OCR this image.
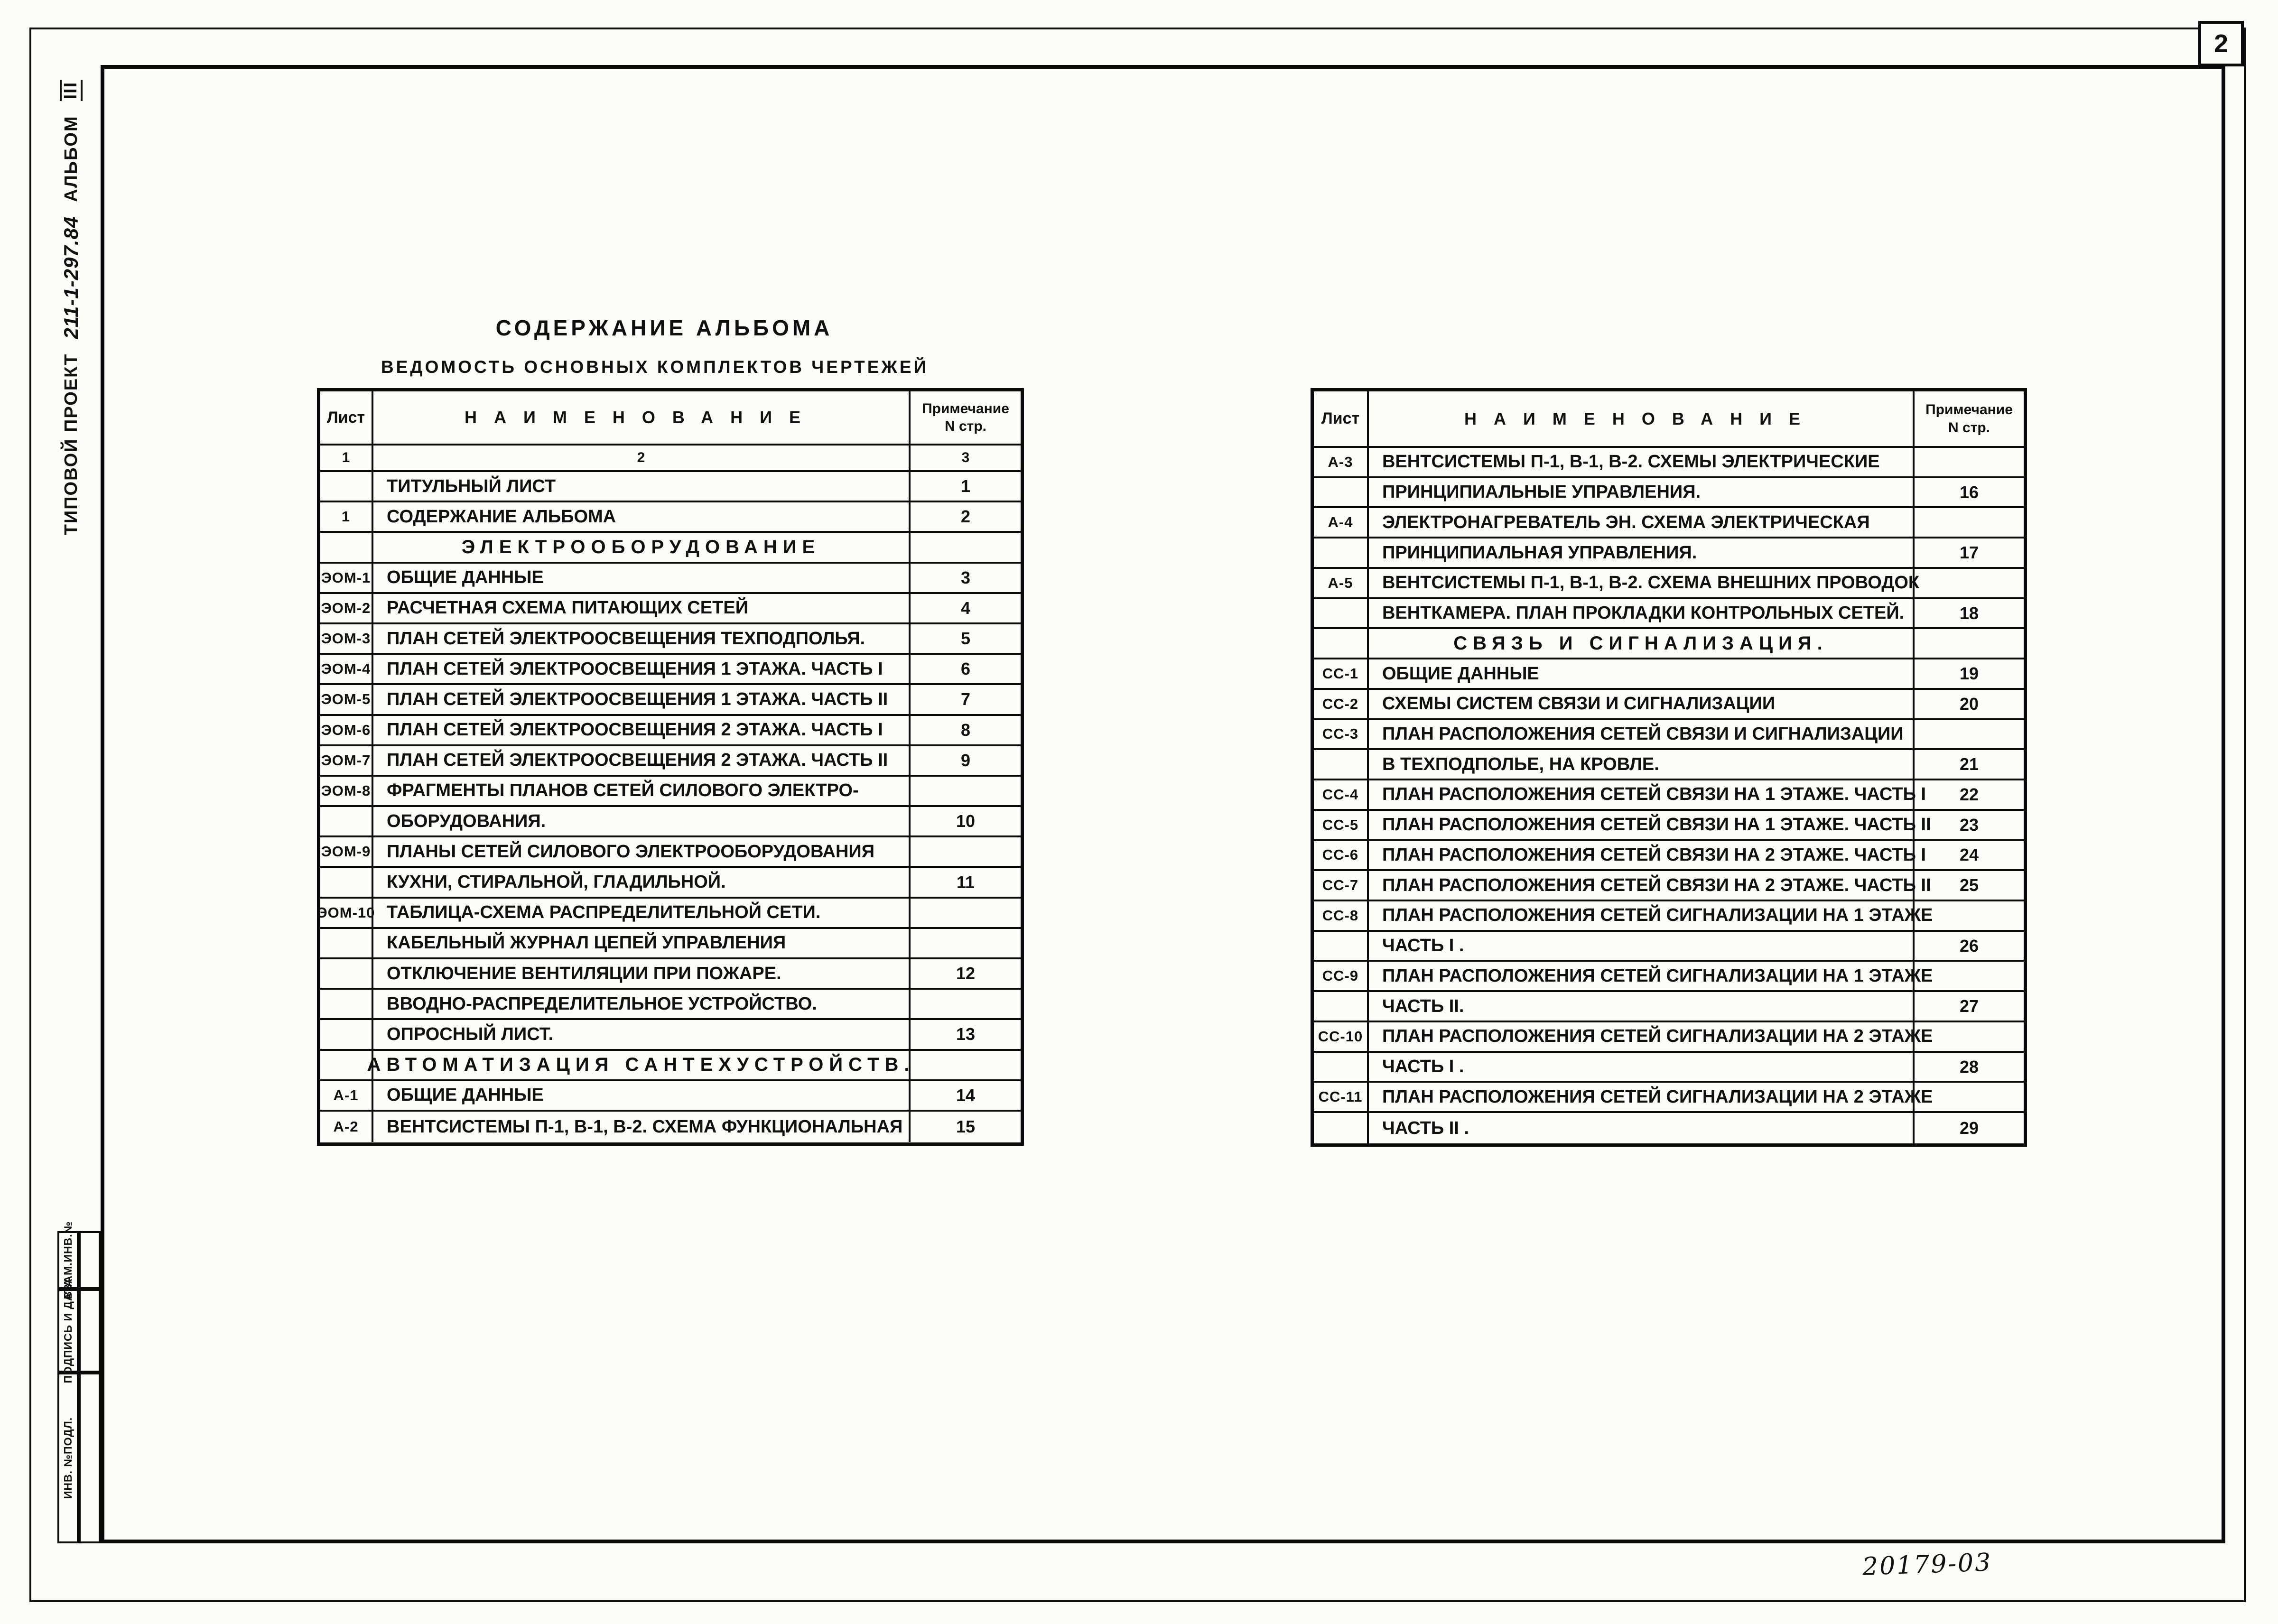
2
ТИПОВОЙ ПРОЕКТ
211-1-297.84
АЛЬБОМ
III
ВЗАМ.ИНВ.№
ПОДПИСЬ И ДАТА
ИНВ. №ПОДЛ.
СОДЕРЖАНИЕ АЛЬБОМА
ВЕДОМОСТЬ ОСНОВНЫХ КОМПЛЕКТОВ ЧЕРТЕЖЕЙ
Лист	НАИМЕНОВАНИЕ	Примечание
N стр.
1	2	3
ТИТУЛЬНЫЙ ЛИСТ	1
1	СОДЕРЖАНИЕ АЛЬБОМА	2
ЭЛЕКТРООБОРУДОВАНИЕ
ЭОМ-1 ОБЩИЕ ДАННЫЕ	3
ЭОМ-2 РАСЧЕТНАЯ СХЕМА ПИТАЮЩИХ СЕТЕЙ	4
ЭОМ-3 ПЛАН СЕТЕЙ ЭЛЕКТРООСВЕЩЕНИЯ ТЕХПОДПОЛЬЯ.	5
ЭОМ-4 ПЛАН СЕТЕЙ ЭЛЕКТРООСВЕЩЕНИЯ 1 ЭТАЖА. ЧАСТЬ I	6
ЭОМ-5 ПЛАН СЕТЕЙ ЭЛЕКТРООСВЕЩЕНИЯ 1 ЭТАЖА. ЧАСТЬ II	7
ЭОМ-6 ПЛАН СЕТЕЙ ЭЛЕКТРООСВЕЩЕНИЯ 2 ЭТАЖА. ЧАСТЬ I	8
ЭОМ-7 ПЛАН СЕТЕЙ ЭЛЕКТРООСВЕЩЕНИЯ 2 ЭТАЖА. ЧАСТЬ II	9
ЭОМ-8 ФРАГМЕНТЫ ПЛАНОВ СЕТЕЙ СИЛОВОГО ЭЛЕКТРО-
ОБОРУДОВАНИЯ.	10
ЭОМ-9 ПЛАНЫ СЕТЕЙ СИЛОВОГО ЭЛЕКТРООБОРУДОВАНИЯ
КУХНИ, СТИРАЛЬНОЙ, ГЛАДИЛЬНОЙ.	11
ЭОМ-10 ТАБЛИЦА-СХЕМА РАСПРЕДЕЛИТЕЛЬНОЙ СЕТИ.
КАБЕЛЬНЫЙ ЖУРНАЛ ЦЕПЕЙ УПРАВЛЕНИЯ
ОТКЛЮЧЕНИЕ ВЕНТИЛЯЦИИ ПРИ ПОЖАРЕ.	12
ВВОДНО-РАСПРЕДЕЛИТЕЛЬНОЕ УСТРОЙСТВО.
ОПРОСНЫЙ ЛИСТ.	13
АВТОМАТИЗАЦИЯ САНТЕХУСТРОЙСТВ.
А-1	ОБЩИЕ ДАННЫЕ	14
А-2	ВЕНТСИСТЕМЫ П-1, В-1, В-2. СХЕМА ФУНКЦИОНАЛЬНАЯ	15
Лист	НАИМЕНОВАНИЕ	Примечание
N стр.
А-3	ВЕНТСИСТЕМЫ П-1, В-1, В-2. СХЕМЫ ЭЛЕКТРИЧЕСКИЕ
ПРИНЦИПИАЛЬНЫЕ УПРАВЛЕНИЯ.	16
А-4	ЭЛЕКТРОНАГРЕВАТЕЛЬ ЭН. СХЕМА ЭЛЕКТРИЧЕСКАЯ
ПРИНЦИПИАЛЬНАЯ УПРАВЛЕНИЯ.	17
А-5	ВЕНТСИСТЕМЫ П-1, В-1, В-2. СХЕМА ВНЕШНИХ ПРОВОДОК
ВЕНТКАМЕРА. ПЛАН ПРОКЛАДКИ КОНТРОЛЬНЫХ СЕТЕЙ.	18
СВЯЗЬ И СИГНАЛИЗАЦИЯ.
СС-1	ОБЩИЕ ДАННЫЕ	19
СС-2	СХЕМЫ СИСТЕМ СВЯЗИ И СИГНАЛИЗАЦИИ	20
СС-3	ПЛАН РАСПОЛОЖЕНИЯ СЕТЕЙ СВЯЗИ И СИГНАЛИЗАЦИИ
В ТЕХПОДПОЛЬЕ, НА КРОВЛЕ.	21
СС-4	ПЛАН РАСПОЛОЖЕНИЯ СЕТЕЙ СВЯЗИ НА 1 ЭТАЖЕ. ЧАСТЬ I	22
СС-5	ПЛАН РАСПОЛОЖЕНИЯ СЕТЕЙ СВЯЗИ НА 1 ЭТАЖЕ. ЧАСТЬ II	23
СС-6	ПЛАН РАСПОЛОЖЕНИЯ СЕТЕЙ СВЯЗИ НА 2 ЭТАЖЕ. ЧАСТЬ I	24
СС-7	ПЛАН РАСПОЛОЖЕНИЯ СЕТЕЙ СВЯЗИ НА 2 ЭТАЖЕ. ЧАСТЬ II	25
СС-8	ПЛАН РАСПОЛОЖЕНИЯ СЕТЕЙ СИГНАЛИЗАЦИИ НА 1 ЭТАЖЕ
ЧАСТЬ I .	26
СС-9	ПЛАН РАСПОЛОЖЕНИЯ СЕТЕЙ СИГНАЛИЗАЦИИ НА 1 ЭТАЖЕ
ЧАСТЬ II.	27
СС-10	ПЛАН РАСПОЛОЖЕНИЯ СЕТЕЙ СИГНАЛИЗАЦИИ НА 2 ЭТАЖЕ
ЧАСТЬ I .	28
СС-11	ПЛАН РАСПОЛОЖЕНИЯ СЕТЕЙ СИГНАЛИЗАЦИИ НА 2 ЭТАЖЕ
ЧАСТЬ II .	29
20179-03
